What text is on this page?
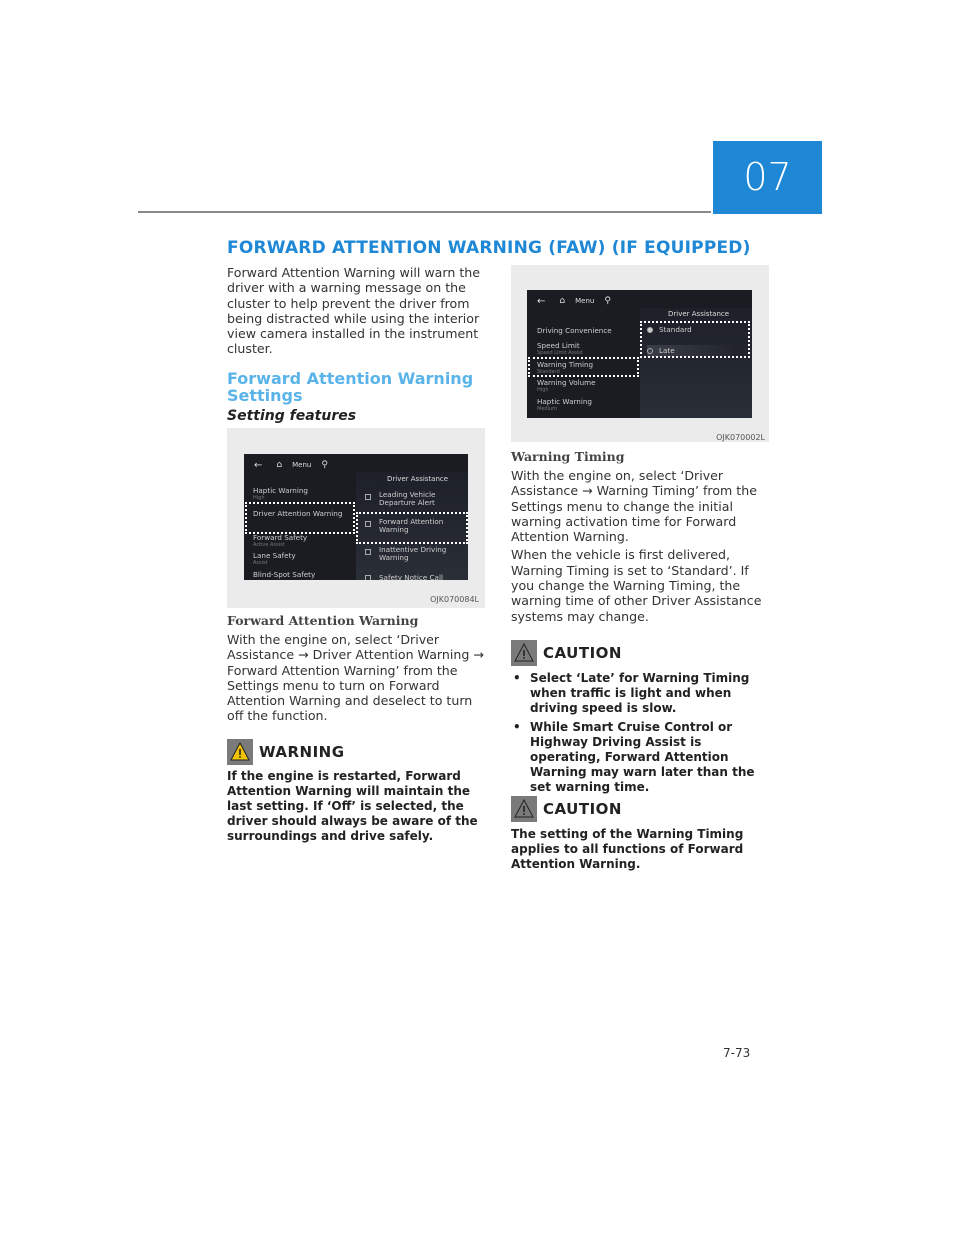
07
FORWARD ATTENTION WARNING (FAW) (IF EQUIPPED)

Forward Attention Warning will warn the driver with a warning message on the cluster to help prevent the driver from being distracted while using the interior view camera installed in the instrument cluster.

Forward Attention Warning
Settings
Setting features
← ⌂ Menu ⚲
Driver Assistance
Haptic Warning
High
Driver Attention Warning
Forward Safety
Active Assist
Lane Safety
Assist
Blind-Spot Safety
Leading Vehicle Departure Alert
Forward Attention Warning
Inattentive Driving Warning
Safety Notice Call
OJK070084L
Forward Attention Warning

With the engine on, select ‘Driver Assistance → Driver Attention Warning → Forward Attention Warning’ from the Settings menu to turn on Forward Attention Warning and deselect to turn off the function.

WARNING

If the engine is restarted, Forward Attention Warning will maintain the last setting. If ‘Off’ is selected, the driver should always be aware of the surroundings and drive safely.

← ⌂ Menu ⚲
Driver Assistance
Driving Convenience
Speed Limit
Speed Limit Assist
Warning Timing
Standard
Warning Volume
High
Haptic Warning
Medium
Standard
Late
OJK070002L
Warning Timing

With the engine on, select ‘Driver Assistance → Warning Timing’ from the Settings menu to change the initial warning activation time for Forward Attention Warning.

When the vehicle is first delivered, Warning Timing is set to ‘Standard’. If you change the Warning Timing, the warning time of other Driver Assistance systems may change.

CAUTION
• Select ‘Late’ for Warning Timing when traffic is light and when driving speed is slow.
• While Smart Cruise Control or Highway Driving Assist is operating, Forward Attention Warning may warn later than the set warning time.
CAUTION

The setting of the Warning Timing applies to all functions of Forward Attention Warning.

7-73
